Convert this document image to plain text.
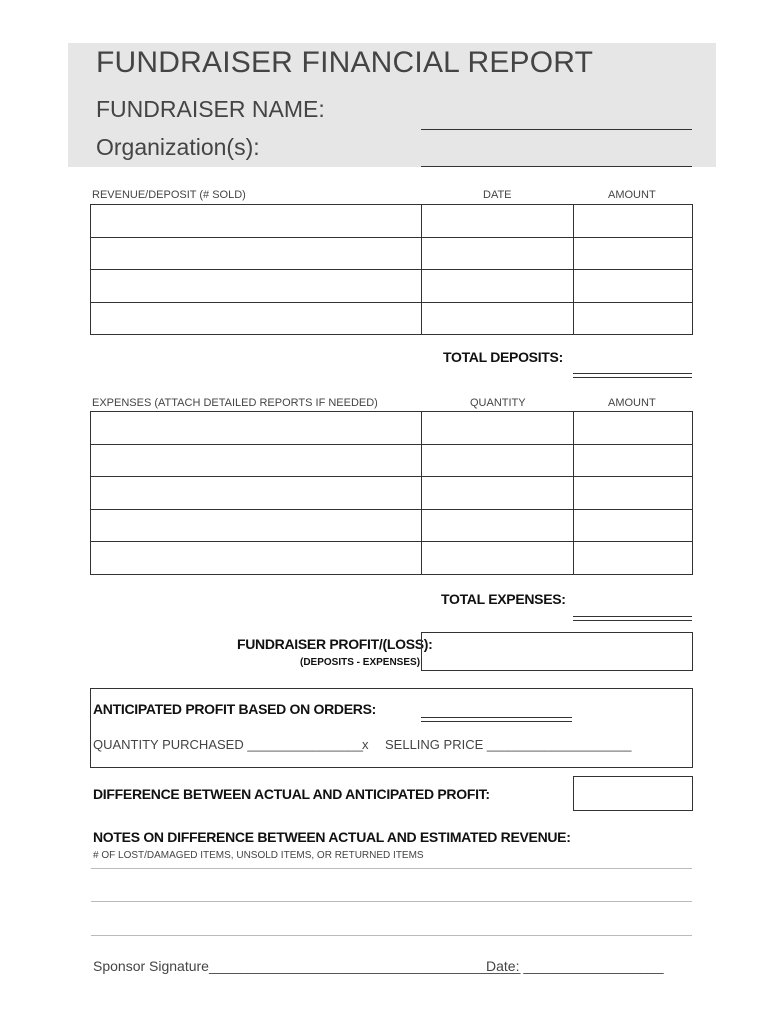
FUNDRAISER FINANCIAL REPORT
FUNDRAISER NAME:
Organization(s):
REVENUE/DEPOSIT (# SOLD)	DATE	AMOUNT

TOTAL DEPOSITS:
EXPENSES (ATTACH DETAILED REPORTS IF NEEDED)	QUANTITY	AMOUNT

TOTAL EXPENSES:
FUNDRAISER PROFIT/(LOSS):
(DEPOSITS - EXPENSES)
ANTICIPATED PROFIT BASED ON ORDERS:
QUANTITY PURCHASED ________________
x SELLING PRICE ____________________
DIFFERENCE BETWEEN ACTUAL AND ANTICIPATED PROFIT:
NOTES ON DIFFERENCE BETWEEN ACTUAL AND ESTIMATED REVENUE:
# OF LOST/DAMAGED ITEMS, UNSOLD ITEMS, OR RETURNED ITEMS
Sponsor Signature________________________________________
Date: __________________
